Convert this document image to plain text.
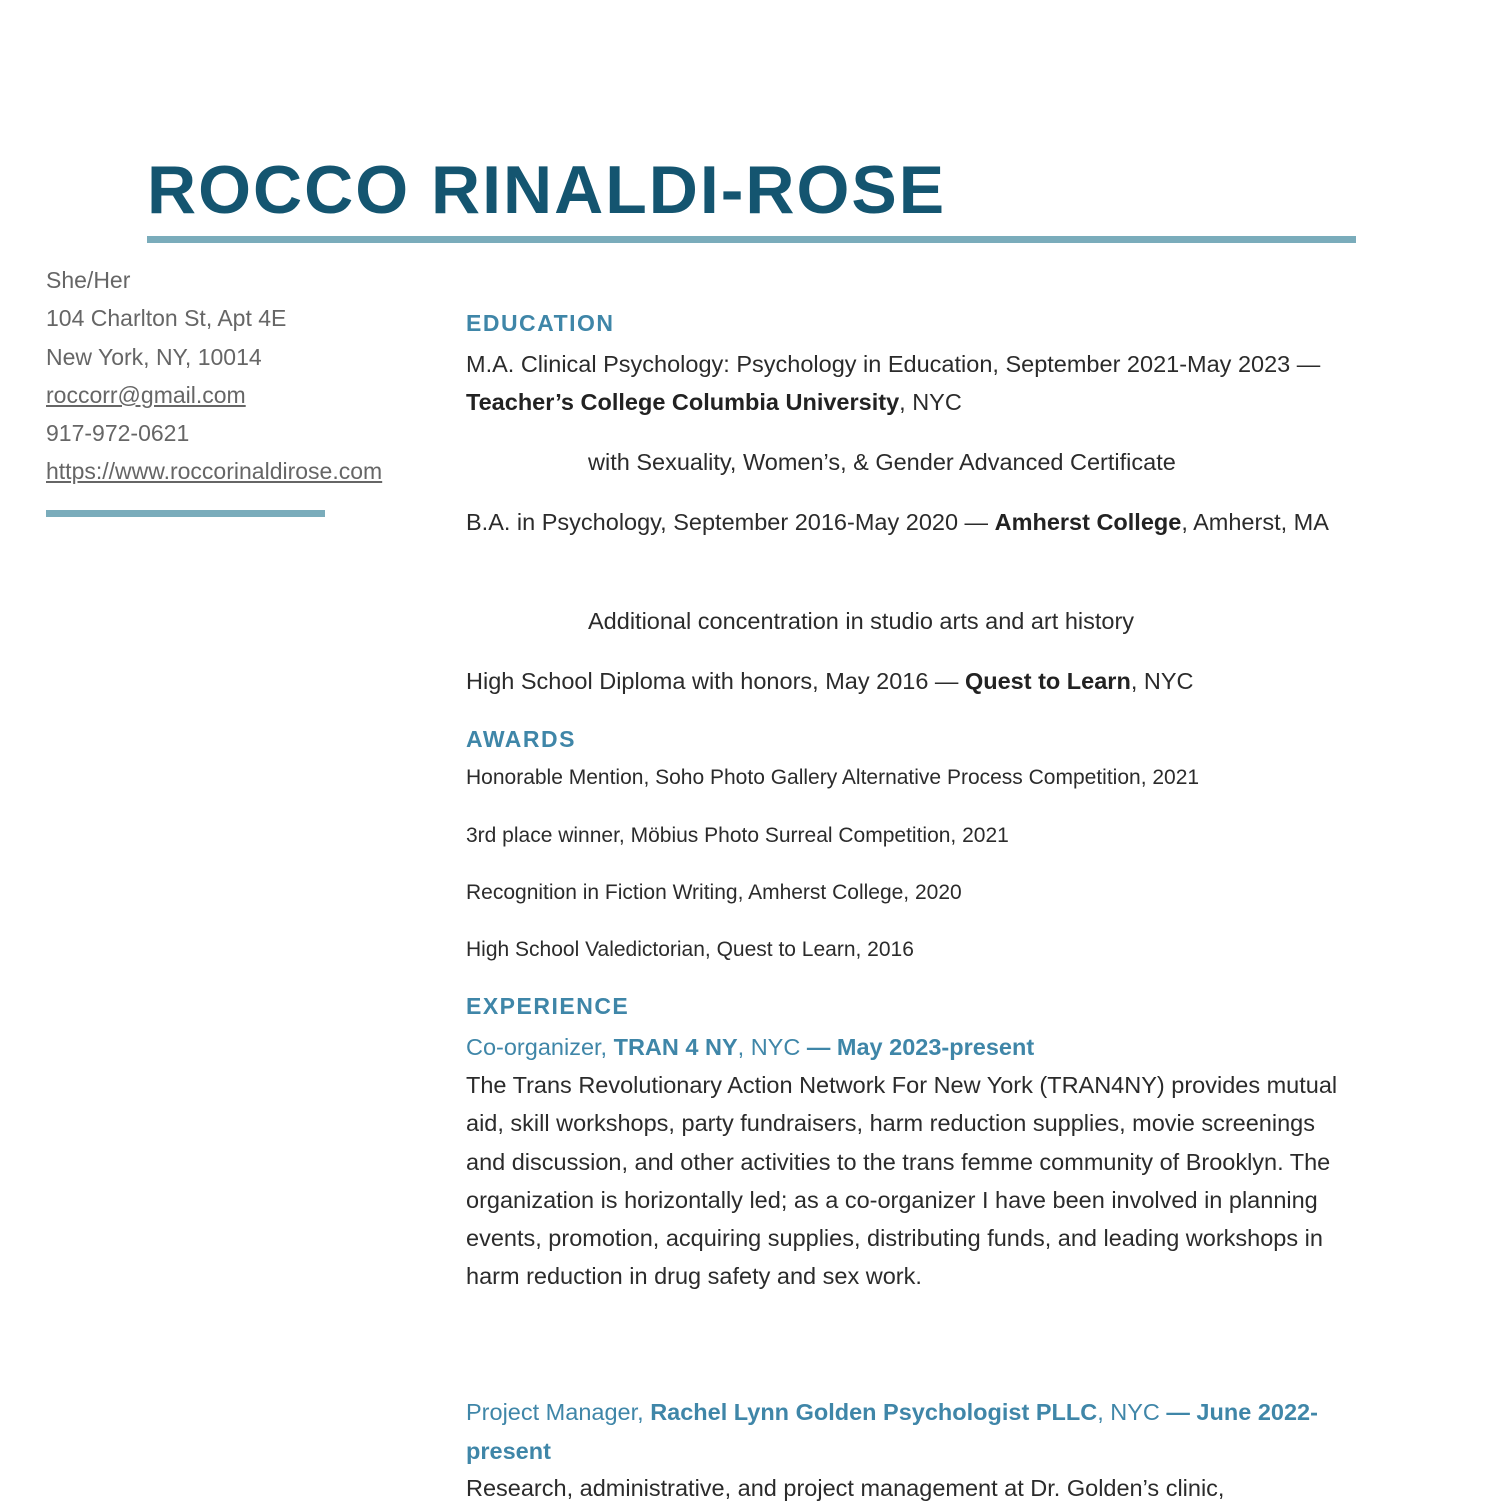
ROCCO RINALDI-ROSE
She/Her
104 Charlton St, Apt 4E
New York, NY, 10014
roccorr@gmail.com
917-972-0621
https://www.roccorinaldirose.com
EDUCATION

M.A. Clinical Psychology: Psychology in Education, September 2021-May 2023 — Teacher’s College Columbia University, NYC

with Sexuality, Women’s, & Gender Advanced Certificate

B.A. in Psychology, September 2016-May 2020 — Amherst College, Amherst, MA

Additional concentration in studio arts and art history

High School Diploma with honors, May 2016 — Quest to Learn, NYC

AWARDS

Honorable Mention, Soho Photo Gallery Alternative Process Competition, 2021

3rd place winner, Möbius Photo Surreal Competition, 2021

Recognition in Fiction Writing, Amherst College, 2020

High School Valedictorian, Quest to Learn, 2016

EXPERIENCE

Co-organizer, TRAN 4 NY, NYC — May 2023-present

The Trans Revolutionary Action Network For New York (TRAN4NY) provides mutual aid, skill workshops, party fundraisers, harm reduction supplies, movie screenings and discussion, and other activities to the trans femme community of Brooklyn. The organization is horizontally led; as a co-organizer I have been involved in planning events, promotion, acquiring supplies, distributing funds, and leading workshops in harm reduction in drug safety and sex work.

Project Manager, Rachel Lynn Golden Psychologist PLLC, NYC — June 2022-present

Research, administrative, and project management at Dr. Golden’s clinic,
